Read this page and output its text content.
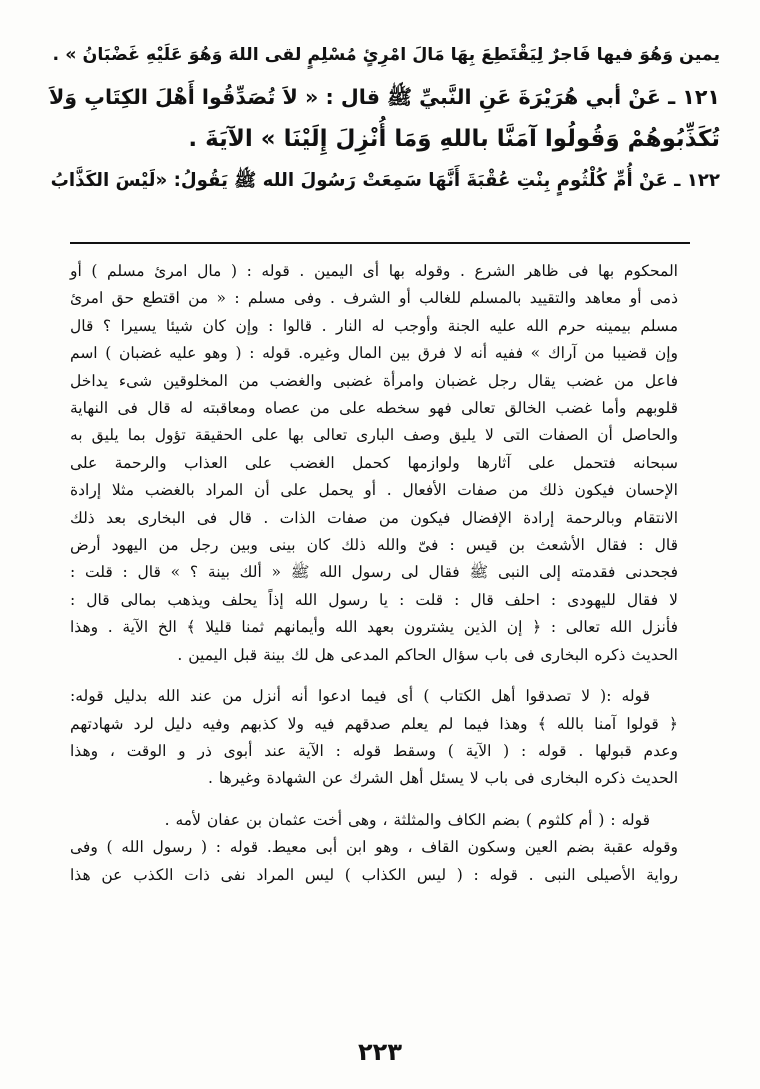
يمين وَهُوَ فيها فَاجرٌ لِيَقْتَطِعَ بِهَا مَالَ امْرِئٍ مُسْلِمٍ لقى اللهَ وَهُوَ عَلَيْهِ غَضْبَانُ » .

١٢١ ـ عَنْ أبي هُرَيْرَةَ عَنِ النَّبيِّ ﷺ قال : « لاَ تُصَدِّقُوا أَهْلَ الكِتَابِ وَلاَ

تُكَذِّبُوهُمْ وَقُولُوا آمَنَّا باللهِ وَمَا أُنْزِلَ إِلَيْنَا » الآيَةَ .

١٢٢ ـ عَنْ أُمِّ كُلْثُومٍ بِنْتِ عُقْبَةَ أَنَّهَا سَمِعَتْ رَسُولَ الله ﷺ يَقُولُ: «لَيْسَ الكَذَّابُ

المحكوم بها فى ظاهر الشرع . وقوله بها أى اليمين . قوله : ( مال امرئ مسلم ) أو

ذمى أو معاهد والتقييد بالمسلم للغالب أو الشرف . وفى مسلم : « من اقتطع حق امرئ

مسلم بيمينه حرم الله عليه الجنة وأوجب له النار . قالوا : وإن كان شيئا يسيرا ؟ قال

وإن قضيبا من آراك » ففيه أنه لا فرق بين المال وغيره. قوله : ( وهو عليه غضبان ) اسم

فاعل من غضب يقال رجل غضبان وامرأة غضبى والغضب من المخلوقين شىء يداخل

قلوبهم وأما غضب الخالق تعالى فهو سخطه على من عصاه ومعاقبته له قال فى النهاية

والحاصل أن الصفات التى لا يليق وصف البارى تعالى بها على الحقيقة تؤول بما يليق به

سبحانه فتحمل على آثارها ولوازمها كحمل الغضب على العذاب والرحمة على

الإحسان فيكون ذلك من صفات الأفعال . أو يحمل على أن المراد بالغضب مثلا إرادة

الانتقام وبالرحمة إرادة الإفضال فيكون من صفات الذات . قال فى البخارى بعد ذلك

قال : فقال الأشعث بن قيس : فىّ والله ذلك كان بينى وبين رجل من اليهود أرض

فجحدنى فقدمته إلى النبى ﷺ فقال لى رسول الله ﷺ « ألك بينة ؟ » قال : قلت :

لا فقال لليهودى : احلف قال : قلت : يا رسول الله إذاً يحلف ويذهب بمالى قال :

فأنزل الله تعالى : ﴿ إن الذين يشترون بعهد الله وأيمانهم ثمنا قليلا ﴾ الخ الآية . وهذا

الحديث ذكره البخارى فى باب سؤال الحاكم المدعى هل لك بينة قبل اليمين .

قوله :( لا تصدقوا أهل الكتاب ) أى فيما ادعوا أنه أنزل من عند الله بدليل قوله:

﴿ قولوا آمنا بالله ﴾ وهذا فيما لم يعلم صدقهم فيه ولا كذبهم وفيه دليل لرد شهادتهم

وعدم قبولها . قوله : ( الآية ) وسقط قوله : الآية عند أبوى ذر و الوقت ، وهذا

الحديث ذكره البخارى فى باب لا يسئل أهل الشرك عن الشهادة وغيرها .

قوله : ( أم كلثوم ) بضم الكاف والمثلثة ، وهى أخت عثمان بن عفان لأمه .

وقوله عقبة بضم العين وسكون القاف ، وهو ابن أبى معيط. قوله : ( رسول الله ) وفى

رواية الأصيلى النبى . قوله : ( ليس الكذاب ) ليس المراد نفى ذات الكذب عن هذا

٢٢٣
